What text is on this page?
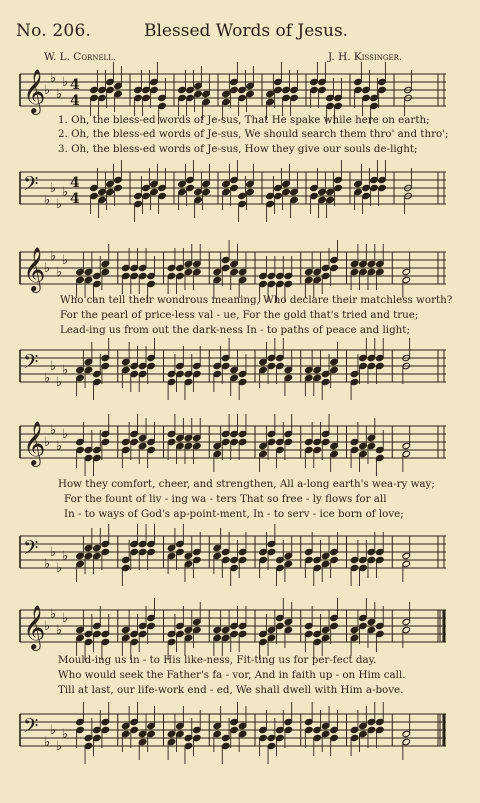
No. 206.	Blessed Words of Jesus.
W. L. Cornell.	J. H. Kissinger.
𝄞
♭
♭
♭
♭ 4
4
1. Oh, the bless-ed words of Je-sus, That He spake while here on earth;
2. Oh, the bless-ed words of Je-sus, We should search them thro' and thro';
3. Oh, the bless-ed words of Je-sus, How they give our souls de-light;
𝄢
♭
♭
♭
♭
4
4
𝄞
♭
♭
♭
♭
Who can tell their wondrous meaning, Who declare their matchless worth?
For the pearl of price-less val - ue, For the gold that's tried and true;
Lead-ing us from out the dark-ness In - to paths of peace and light;
𝄢
♭
♭
♭
♭
𝄞
♭
♭
♭
♭
How they comfort, cheer, and strengthen, All a-long earth's wea-ry way;
For the fount of liv - ing wa - ters That so free - ly flows for all
In - to ways of God's ap-point-ment, In - to serv - ice born of love;
𝄢
♭
♭
♭
♭
𝄞
♭
♭
♭
♭
Mould-ing us in - to His like-ness, Fit-ting us for per-fect day.
Who would seek the Father's fa - vor, And in faith up - on Him call.
Till at last, our life-work end - ed, We shall dwell with Him a-bove.
𝄢
♭
♭
♭
♭
